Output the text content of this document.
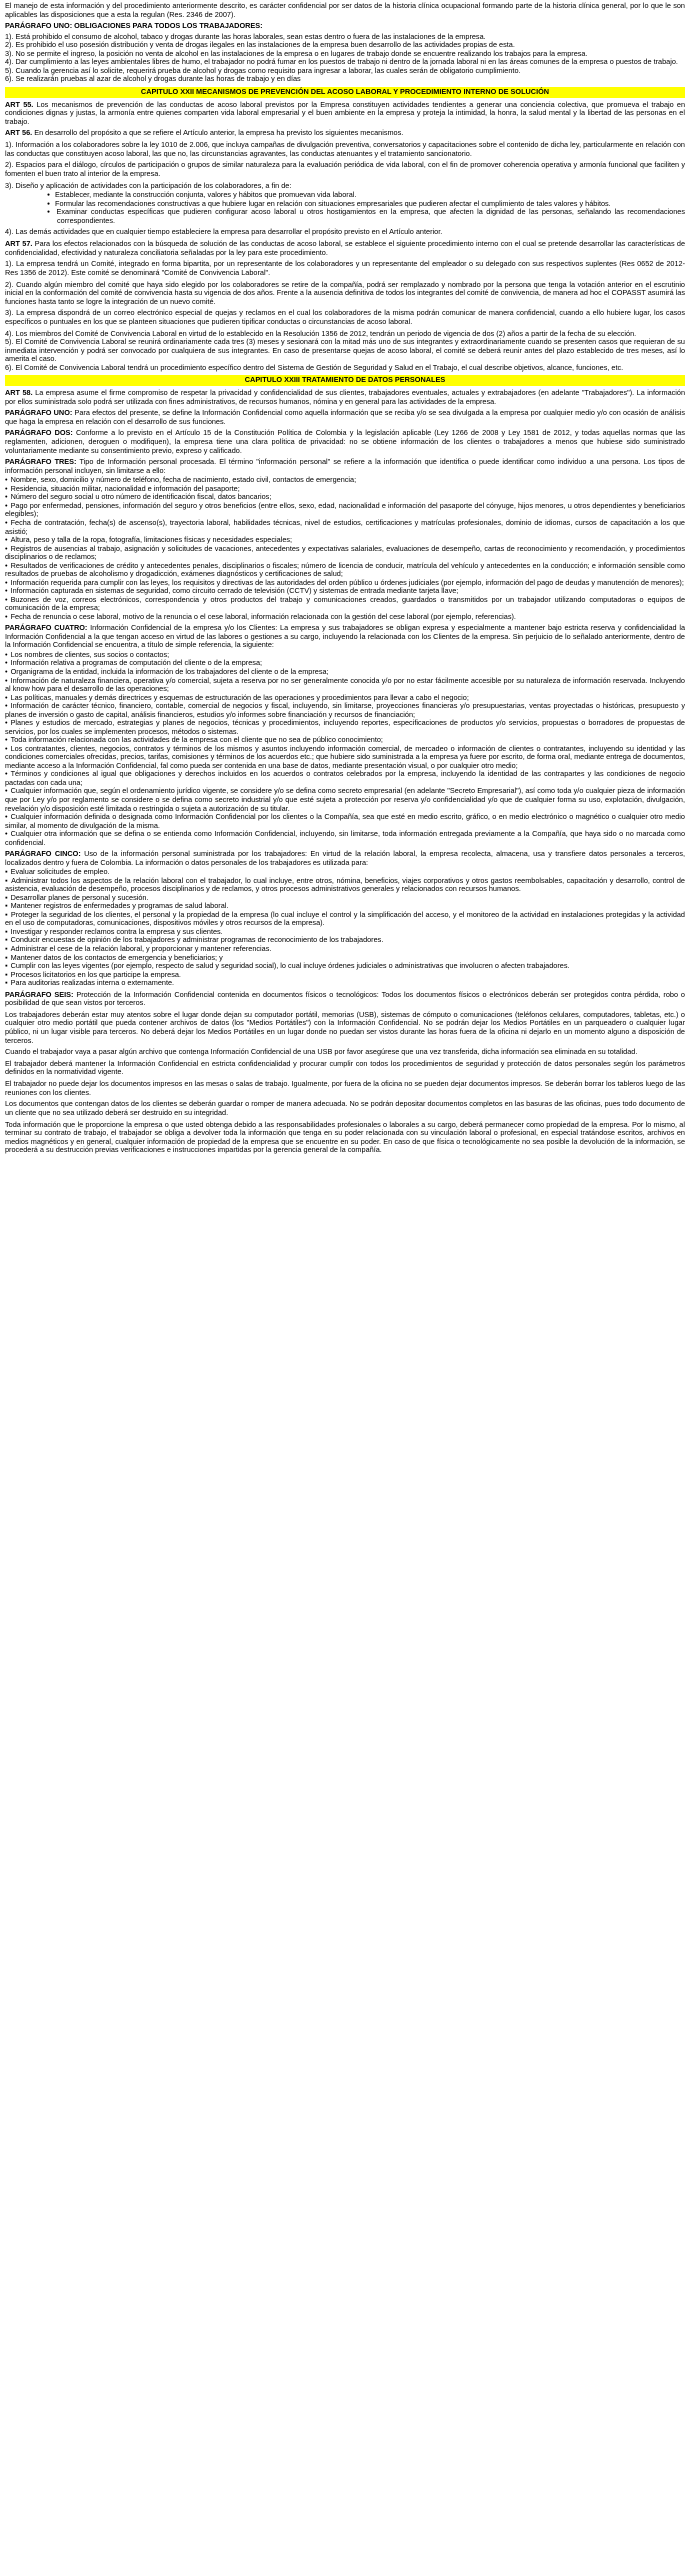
El manejo de esta información y del procedimiento anteriormente descrito, es carácter confidencial por ser datos de la historia clínica ocupacional formando parte de la historia clínica general, por lo que le son aplicables las disposiciones que a esta la regulan (Res. 2346 de 2007).

PARÁGRAFO UNO: OBLIGACIONES PARA TODOS LOS TRABAJADORES:

1). Está prohibido el consumo de alcohol, tabaco y drogas durante las horas laborales, sean estas dentro o fuera de las instalaciones de la empresa.

2). Es prohibido el uso posesión distribución y venta de drogas ilegales en las instalaciones de la empresa buen desarrollo de las actividades propias de esta.

3). No se permite el ingreso, la posición no venta de alcohol en las instalaciones de la empresa o en lugares de trabajo donde se encuentre realizando los trabajos para la empresa.

4). Dar cumplimiento a las leyes ambientales libres de humo, el trabajador no podrá fumar en los puestos de trabajo ni dentro de la jornada laboral ni en las áreas comunes de la empresa o puestos de trabajo.

5). Cuando la gerencia así lo solicite, requerirá prueba de alcohol y drogas como requisito para ingresar a laborar, las cuales serán de obligatorio cumplimiento.

6). Se realizarán pruebas al azar de alcohol y drogas durante las horas de trabajo y en días

CAPITULO XXII MECANISMOS DE PREVENCIÓN DEL ACOSO LABORAL Y PROCEDIMIENTO INTERNO DE SOLUCIÓN

ART 55. Los mecanismos de prevención de las conductas de acoso laboral previstos por la Empresa constituyen actividades tendientes a generar una conciencia colectiva, que promueva el trabajo en condiciones dignas y justas, la armonía entre quienes comparten vida laboral empresarial y el buen ambiente en la empresa y proteja la intimidad, la honra, la salud mental y la libertad de las personas en el trabajo.

ART 56. En desarrollo del propósito a que se refiere el Artículo anterior, la empresa ha previsto los siguientes mecanismos.

1). Información a los colaboradores sobre la ley 1010 de 2.006, que incluya campañas de divulgación preventiva, conversatorios y capacitaciones sobre el contenido de dicha ley, particularmente en relación con las conductas que constituyen acoso laboral, las que no, las circunstancias agravantes, las conductas atenuantes y el tratamiento sancionatorio.

2). Espacios para el diálogo, círculos de participación o grupos de similar naturaleza para la evaluación periódica de vida laboral, con el fin de promover coherencia operativa y armonía funcional que faciliten y fomenten el buen trato al interior de la empresa.

3). Diseño y aplicación de actividades con la participación de los colaboradores, a fin de:

● Establecer, mediante la construcción conjunta, valores y hábitos que promuevan vida laboral.
● Formular las recomendaciones constructivas a que hubiere lugar en relación con situaciones empresariales que pudieren afectar el cumplimiento de tales valores y hábitos.
● Examinar conductas específicas que pudieren configurar acoso laboral u otros hostigamientos en la empresa, que afecten la dignidad de las personas, señalando las recomendaciones correspondientes.

4). Las demás actividades que en cualquier tiempo estableciere la empresa para desarrollar el propósito previsto en el Artículo anterior.

ART 57. Para los efectos relacionados con la búsqueda de solución de las conductas de acoso laboral, se establece el siguiente procedimiento interno con el cual se pretende desarrollar las características de confidencialidad, efectividad y naturaleza conciliatoria señaladas por la ley para este procedimiento.

1). La empresa tendrá un Comité, integrado en forma bipartita, por un representante de los colaboradores y un representante del empleador o su delegado con sus respectivos suplentes (Res 0652 de 2012- Res 1356 de 2012). Este comité se denominará "Comité de Convivencia Laboral".

2). Cuando algún miembro del comité que haya sido elegido por los colaboradores se retire de la compañía, podrá ser remplazado y nombrado por la persona que tenga la votación anterior en el escrutinio inicial en la conformación del comité de convivencia hasta su vigencia de dos años. Frente a la ausencia definitiva de todos los integrantes del comité de convivencia, de manera ad hoc el COPASST asumirá las funciones hasta tanto se logre la integración de un nuevo comité.

3). La empresa dispondrá de un correo electrónico especial de quejas y reclamos en el cual los colaboradores de la misma podrán comunicar de manera confidencial, cuando a ello hubiere lugar, los casos específicos o puntuales en los que se planteen situaciones que pudieren tipificar conductas o circunstancias de acoso laboral.

4). Los miembros del Comité de Convivencia Laboral en virtud de lo establecido en la Resolución 1356 de 2012, tendrán un periodo de vigencia de dos (2) años a partir de la fecha de su elección.

5). El Comité de Convivencia Laboral se reunirá ordinariamente cada tres (3) meses y sesionará con la mitad más uno de sus integrantes y extraordinariamente cuando se presenten casos que requieran de su inmediata intervención y podrá ser convocado por cualquiera de sus integrantes. En caso de presentarse quejas de acoso laboral, el comité se deberá reunir antes del plazo establecido de tres meses, así lo amerita el caso.

6). El Comité de Convivencia Laboral tendrá un procedimiento específico dentro del Sistema de Gestión de Seguridad y Salud en el Trabajo, el cual describe objetivos, alcance, funciones, etc.

CAPITULO XXIII TRATAMIENTO DE DATOS PERSONALES

ART 58. La empresa asume el firme compromiso de respetar la privacidad y confidencialidad de sus clientes, trabajadores eventuales, actuales y extrabajadores (en adelante "Trabajadores"). La información por ellos suministrada solo podrá ser utilizada con fines administrativos, de recursos humanos, nómina y en general para las actividades de la empresa.

PARÁGRAFO UNO: Para efectos del presente, se define la Información Confidencial como aquella información que se reciba y/o se sea divulgada a la empresa por cualquier medio y/o con ocasión de análisis que haga la empresa en relación con el desarrollo de sus funciones.

PARÁGRAFO DOS: Conforme a lo previsto en el Artículo 15 de la Constitución Política de Colombia y la legislación aplicable (Ley 1266 de 2008 y Ley 1581 de 2012, y todas aquellas normas que las reglamenten, adicionen, deroguen o modifiquen), la empresa tiene una clara política de privacidad: no se obtiene información de los clientes o trabajadores a menos que hubiese sido suministrado voluntariamente mediante su consentimiento previo, expreso y calificado.

PARÁGRAFO TRES: Tipo de Información personal procesada. El término "información personal" se refiere a la información que identifica o puede identificar como individuo a una persona. Los tipos de información personal incluyen, sin limitarse a ello:

• Nombre, sexo, domicilio y número de teléfono, fecha de nacimiento, estado civil, contactos de emergencia;
• Residencia, situación militar, nacionalidad e información del pasaporte;
• Número del seguro social u otro número de identificación fiscal, datos bancarios;
• Pago por enfermedad, pensiones, información del seguro y otros beneficios (entre ellos, sexo, edad, nacionalidad e información del pasaporte del cónyuge, hijos menores, u otros dependientes y beneficiarios elegibles);
• Fecha de contratación, fecha(s) de ascenso(s), trayectoria laboral, habilidades técnicas, nivel de estudios, certificaciones y matrículas profesionales, dominio de idiomas, cursos de capacitación a los que asistió;
• Altura, peso y talla de la ropa, fotografía, limitaciones físicas y necesidades especiales;
• Registros de ausencias al trabajo, asignación y solicitudes de vacaciones, antecedentes y expectativas salariales, evaluaciones de desempeño, cartas de reconocimiento y recomendación, y procedimientos disciplinarios o de reclamos;
• Resultados de verificaciones de crédito y antecedentes penales, disciplinarios o fiscales; número de licencia de conducir, matrícula del vehículo y antecedentes en la conducción; e información sensible como resultados de pruebas de alcoholismo y drogadicción, exámenes diagnósticos y certificaciones de salud;
• Información requerida para cumplir con las leyes, los requisitos y directivas de las autoridades del orden público u órdenes judiciales (por ejemplo, información del pago de deudas y manutención de menores);
• Información capturada en sistemas de seguridad, como circuito cerrado de televisión (CCTV) y sistemas de entrada mediante tarjeta llave;
• Buzones de voz, correos electrónicos, correspondencia y otros productos del trabajo y comunicaciones creados, guardados o transmitidos por un trabajador utilizando computadoras o equipos de comunicación de la empresa;
• Fecha de renuncia o cese laboral, motivo de la renuncia o el cese laboral, información relacionada con la gestión del cese laboral (por ejemplo, referencias).

PARÁGRAFO CUATRO: Información Confidencial de la empresa y/o los Clientes: La empresa y sus trabajadores se obligan expresa y especialmente a mantener bajo estricta reserva y confidencialidad la Información Confidencial a la que tengan acceso en virtud de las labores o gestiones a su cargo, incluyendo la relacionada con los Clientes de la empresa. Sin perjuicio de lo señalado anteriormente, dentro de la Información Confidencial se encuentra, a título de simple referencia, la siguiente:

• Los nombres de clientes, sus socios o contactos;
• Información relativa a programas de computación del cliente o de la empresa;
• Organigrama de la entidad, incluida la información de los trabajadores del cliente o de la empresa;
• Información de naturaleza financiera, operativa y/o comercial, sujeta a reserva por no ser generalmente conocida y/o por no estar fácilmente accesible por su naturaleza de información reservada. Incluyendo al know how para el desarrollo de las operaciones;
• Las políticas, manuales y demás directrices y esquemas de estructuración de las operaciones y procedimientos para llevar a cabo el negocio;
• Información de carácter técnico, financiero, contable, comercial de negocios y fiscal, incluyendo, sin limitarse, proyecciones financieras y/o presupuestarias, ventas proyectadas o históricas, presupuesto y planes de inversión o gasto de capital, análisis financieros, estudios y/o informes sobre financiación y recursos de financiación;
• Planes y estudios de mercado, estrategias y planes de negocios, técnicas y procedimientos, incluyendo reportes, especificaciones de productos y/o servicios, propuestas o borradores de propuestas de servicios, por los cuales se implementen procesos, métodos o sistemas.
• Toda información relacionada con las actividades de la empresa con el cliente que no sea de público conocimiento;
• Los contratantes, clientes, negocios, contratos y términos de los mismos y asuntos incluyendo información comercial, de mercadeo o información de clientes o contratantes, incluyendo su identidad y las condiciones comerciales ofrecidas, precios, tarifas, comisiones y términos de los acuerdos etc.; que hubiere sido suministrada a la empresa ya fuere por escrito, de forma oral, mediante entrega de documentos, mediante acceso a la Información Confidencial, fal como pueda ser contenida en una base de datos, mediante presentación visual, o por cualquier otro medio;
• Términos y condiciones al igual que obligaciones y derechos incluidos en los acuerdos o contratos celebrados por la empresa, incluyendo la identidad de las contrapartes y las condiciones de negocio pactadas con cada una;
• Cualquier información que, según el ordenamiento jurídico vigente, se considere y/o se defina como secreto empresarial (en adelante "Secreto Empresarial"), así como toda y/o cualquier pieza de información que por Ley y/o por reglamento se considere o se defina como secreto industrial y/o que esté sujeta a protección por reserva y/o confidencialidad y/o que de cualquier forma su uso, explotación, divulgación, revelación y/o disposición esté limitada o restringida o sujeta a autorización de su titular.
• Cualquier información definida o designada como Información Confidencial por los clientes o la Compañía, sea que esté en medio escrito, gráfico, o en medio electrónico o magnético o cualquier otro medio similar, al momento de divulgación de la misma.
• Cualquier otra información que se defina o se entienda como Información Confidencial, incluyendo, sin limitarse, toda información entregada previamente a la Compañía, que haya sido o no marcada como confidencial.

PARÁGRAFO CINCO: Uso de la información personal suministrada por los trabajadores: En virtud de la relación laboral, la empresa recolecta, almacena, usa y transfiere datos personales a terceros, localizados dentro y fuera de Colombia. La información o datos personales de los trabajadores es utilizada para:

▪ Evaluar solicitudes de empleo.
▪ Administrar todos los aspectos de la relación laboral con el trabajador, lo cual incluye, entre otros, nómina, beneficios, viajes corporativos y otros gastos reembolsables, capacitación y desarrollo, control de asistencia, evaluación de desempeño, procesos disciplinarios y de reclamos, y otros procesos administrativos generales y relacionados con recursos humanos.
▪ Desarrollar planes de personal y sucesión.
▪ Mantener registros de enfermedades y programas de salud laboral.
▪ Proteger la seguridad de los clientes, el personal y la propiedad de la empresa (lo cual incluye el control y la simplificación del acceso, y el monitoreo de la actividad en instalaciones protegidas y la actividad en el uso de computadoras, comunicaciones, dispositivos móviles y otros recursos de la empresa).
▪ Investigar y responder reclamos contra la empresa y sus clientes.
▪ Conducir encuestas de opinión de los trabajadores y administrar programas de reconocimiento de los trabajadores.
▪ Administrar el cese de la relación laboral, y proporcionar y mantener referencias.
▪ Mantener datos de los contactos de emergencia y beneficiarios; y
▪ Cumplir con las leyes vigentes (por ejemplo, respecto de salud y seguridad social), lo cual incluye órdenes judiciales o administrativas que involucren o afecten trabajadores.
▪ Procesos licitatorios en los que participe la empresa.
▪ Para auditorias realizadas interna o externamente.

PARÁGRAFO SEIS: Protección de la Información Confidencial contenida en documentos físicos o tecnológicos: Todos los documentos físicos o electrónicos deberán ser protegidos contra pérdida, robo o posibilidad de que sean vistos por terceros.

Los trabajadores deberán estar muy atentos sobre el lugar donde dejan su computador portátil, memorias (USB), sistemas de cómputo o comunicaciones (teléfonos celulares, computadores, tabletas, etc.) o cualquier otro medio portátil que pueda contener archivos de datos (los "Medios Portátiles") con la Información Confidencial. No se podrán dejar los Medios Portátiles en un parqueadero o cualquier lugar público, ni un lugar visible para terceros. No deberá dejar los Medios Portátiles en un lugar donde no puedan ser vistos durante las horas fuera de la oficina ni dejarlo en un momento alguno a disposición de terceros.

Cuando el trabajador vaya a pasar algún archivo que contenga Información Confidencial de una USB por favor asegúrese que una vez transferida, dicha información sea eliminada en su totalidad.

El trabajador deberá mantener la Información Confidencial en estricta confidencialidad y procurar cumplir con todos los procedimientos de seguridad y protección de datos personales según los parámetros definidos en la normatividad vigente.

El trabajador no puede dejar los documentos impresos en las mesas o salas de trabajo. Igualmente, por fuera de la oficina no se pueden dejar documentos impresos. Se deberán borrar los tableros luego de las reuniones con los clientes.

Los documentos que contengan datos de los clientes se deberán guardar o romper de manera adecuada. No se podrán depositar documentos completos en las basuras de las oficinas, pues todo documento de un cliente que no sea utilizado deberá ser destruido en su integridad.

Toda información que le proporcione la empresa o que usted obtenga debido a las responsabilidades profesionales o laborales a su cargo, deberá permanecer como propiedad de la empresa. Por lo mismo, al terminar su contrato de trabajo, el trabajador se obliga a devolver toda la información que tenga en su poder relacionada con su vinculación laboral o profesional, en especial tratándose escritos, archivos en medios magnéticos y en general, cualquier información de propiedad de la empresa que se encuentre en su poder. En caso de que física o tecnológicamente no sea posible la devolución de la información, se procederá a su destrucción previas verificaciones e instrucciones impartidas por la gerencia general de la compañía.
